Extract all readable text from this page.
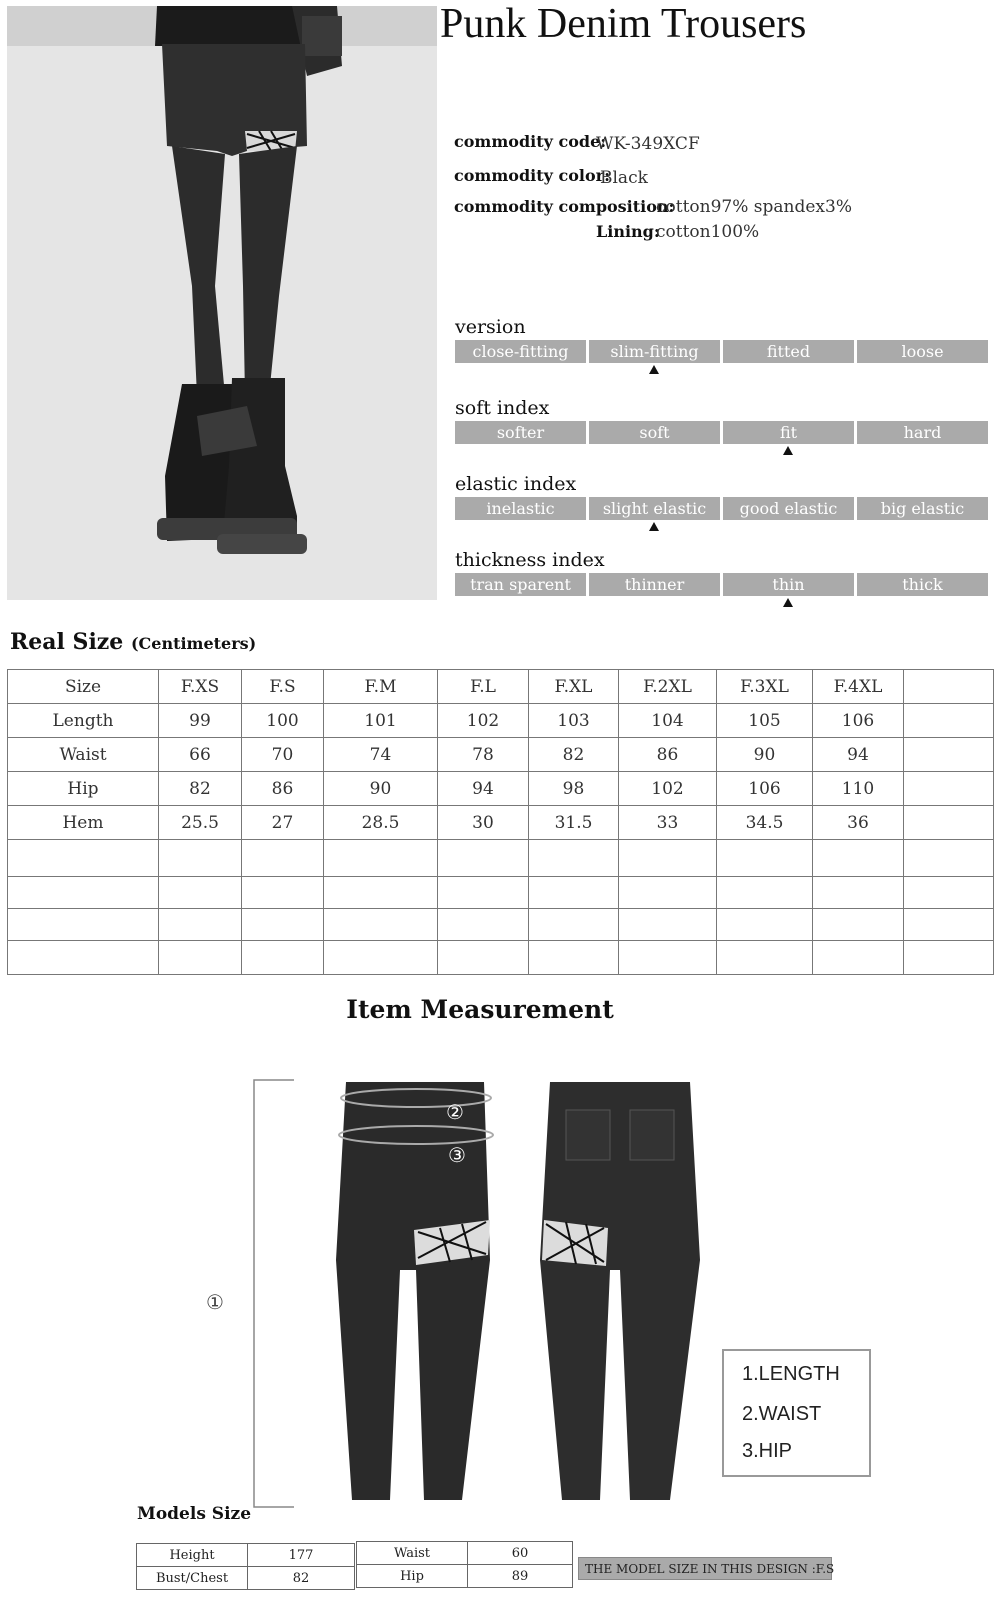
Punk Denim Trousers
commodity code:
WK-349XCF
commodity color:
Black
commodity composition:
cotton97% spandex3%
Lining:
cotton100%
version
close-fitting	slim-fitting	fitted	loose
soft index
softer	soft	fit	hard
elastic index
inelastic	slight elastic	good elastic	big elastic
thickness index
tran sparent	thinner	thin	thick
Real Size (Centimeters)
Size	F.XS	F.S	F.M	F.L	F.XL	F.2XL	F.3XL	F.4XL	
Length	99	100	101	102	103	104	105	106	
Waist	66	70	74	78	82	86	90	94	
Hip	82	86	90	94	98	102	106	110	
Hem	25.5	27	28.5	30	31.5	33	34.5	36	

Item Measurement
①
②
③
1.LENGTH
2.WAIST
3.HIP
Models Size
Height	177
Bust/Chest	82
Waist	60
Hip	89	THE MODEL SIZE IN THIS DESIGN :F.S
